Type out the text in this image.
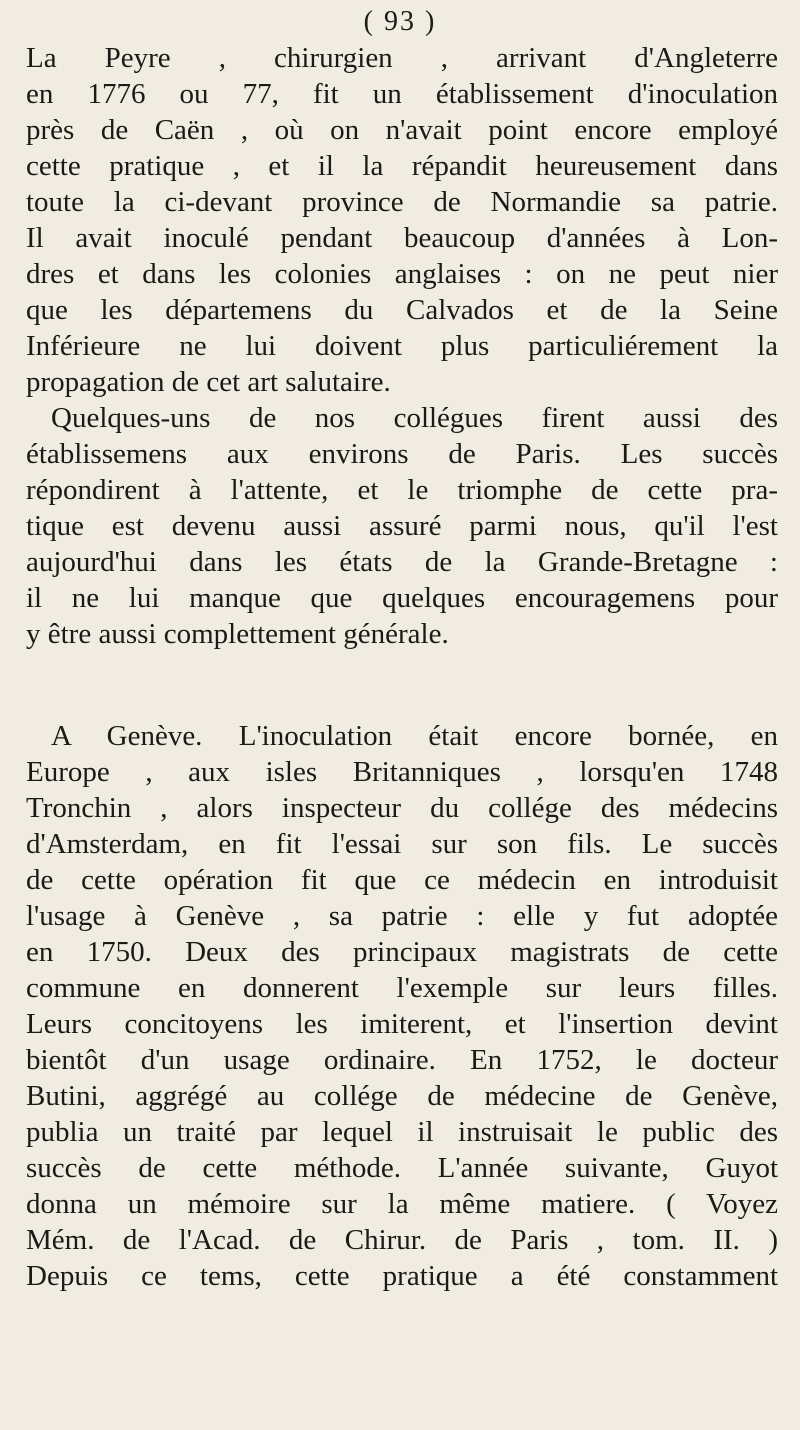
( 93 )
La Peyre , chirurgien , arrivant d'Angleterre
en 1776 ou 77, fit un établissement d'inoculation
près de Caën , où on n'avait point encore employé
cette pratique , et il la répandit heureusement dans
toute la ci-devant province de Normandie sa patrie.
Il avait inoculé pendant beaucoup d'années à Lon-
dres et dans les colonies anglaises : on ne peut nier
que les départemens du Calvados et de la Seine
Inférieure ne lui doivent plus particuliérement la
propagation de cet art salutaire.
Quelques-uns de nos collégues firent aussi des
établissemens aux environs de Paris. Les succès
répondirent à l'attente, et le triomphe de cette pra-
tique est devenu aussi assuré parmi nous, qu'il l'est
aujourd'hui dans les états de la Grande-Bretagne :
il ne lui manque que quelques encouragemens pour
y être aussi complettement générale.
A Genève. L'inoculation était encore bornée, en
Europe , aux isles Britanniques , lorsqu'en 1748
Tronchin , alors inspecteur du collége des médecins
d'Amsterdam, en fit l'essai sur son fils. Le succès
de cette opération fit que ce médecin en introduisit
l'usage à Genève , sa patrie : elle y fut adoptée
en 1750. Deux des principaux magistrats de cette
commune en donnerent l'exemple sur leurs filles.
Leurs concitoyens les imiterent, et l'insertion devint
bientôt d'un usage ordinaire. En 1752, le docteur
Butini, aggrégé au collége de médecine de Genève,
publia un traité par lequel il instruisait le public des
succès de cette méthode. L'année suivante, Guyot
donna un mémoire sur la même matiere. ( Voyez
Mém. de l'Acad. de Chirur. de Paris , tom. II. )
Depuis ce tems, cette pratique a été constamment
